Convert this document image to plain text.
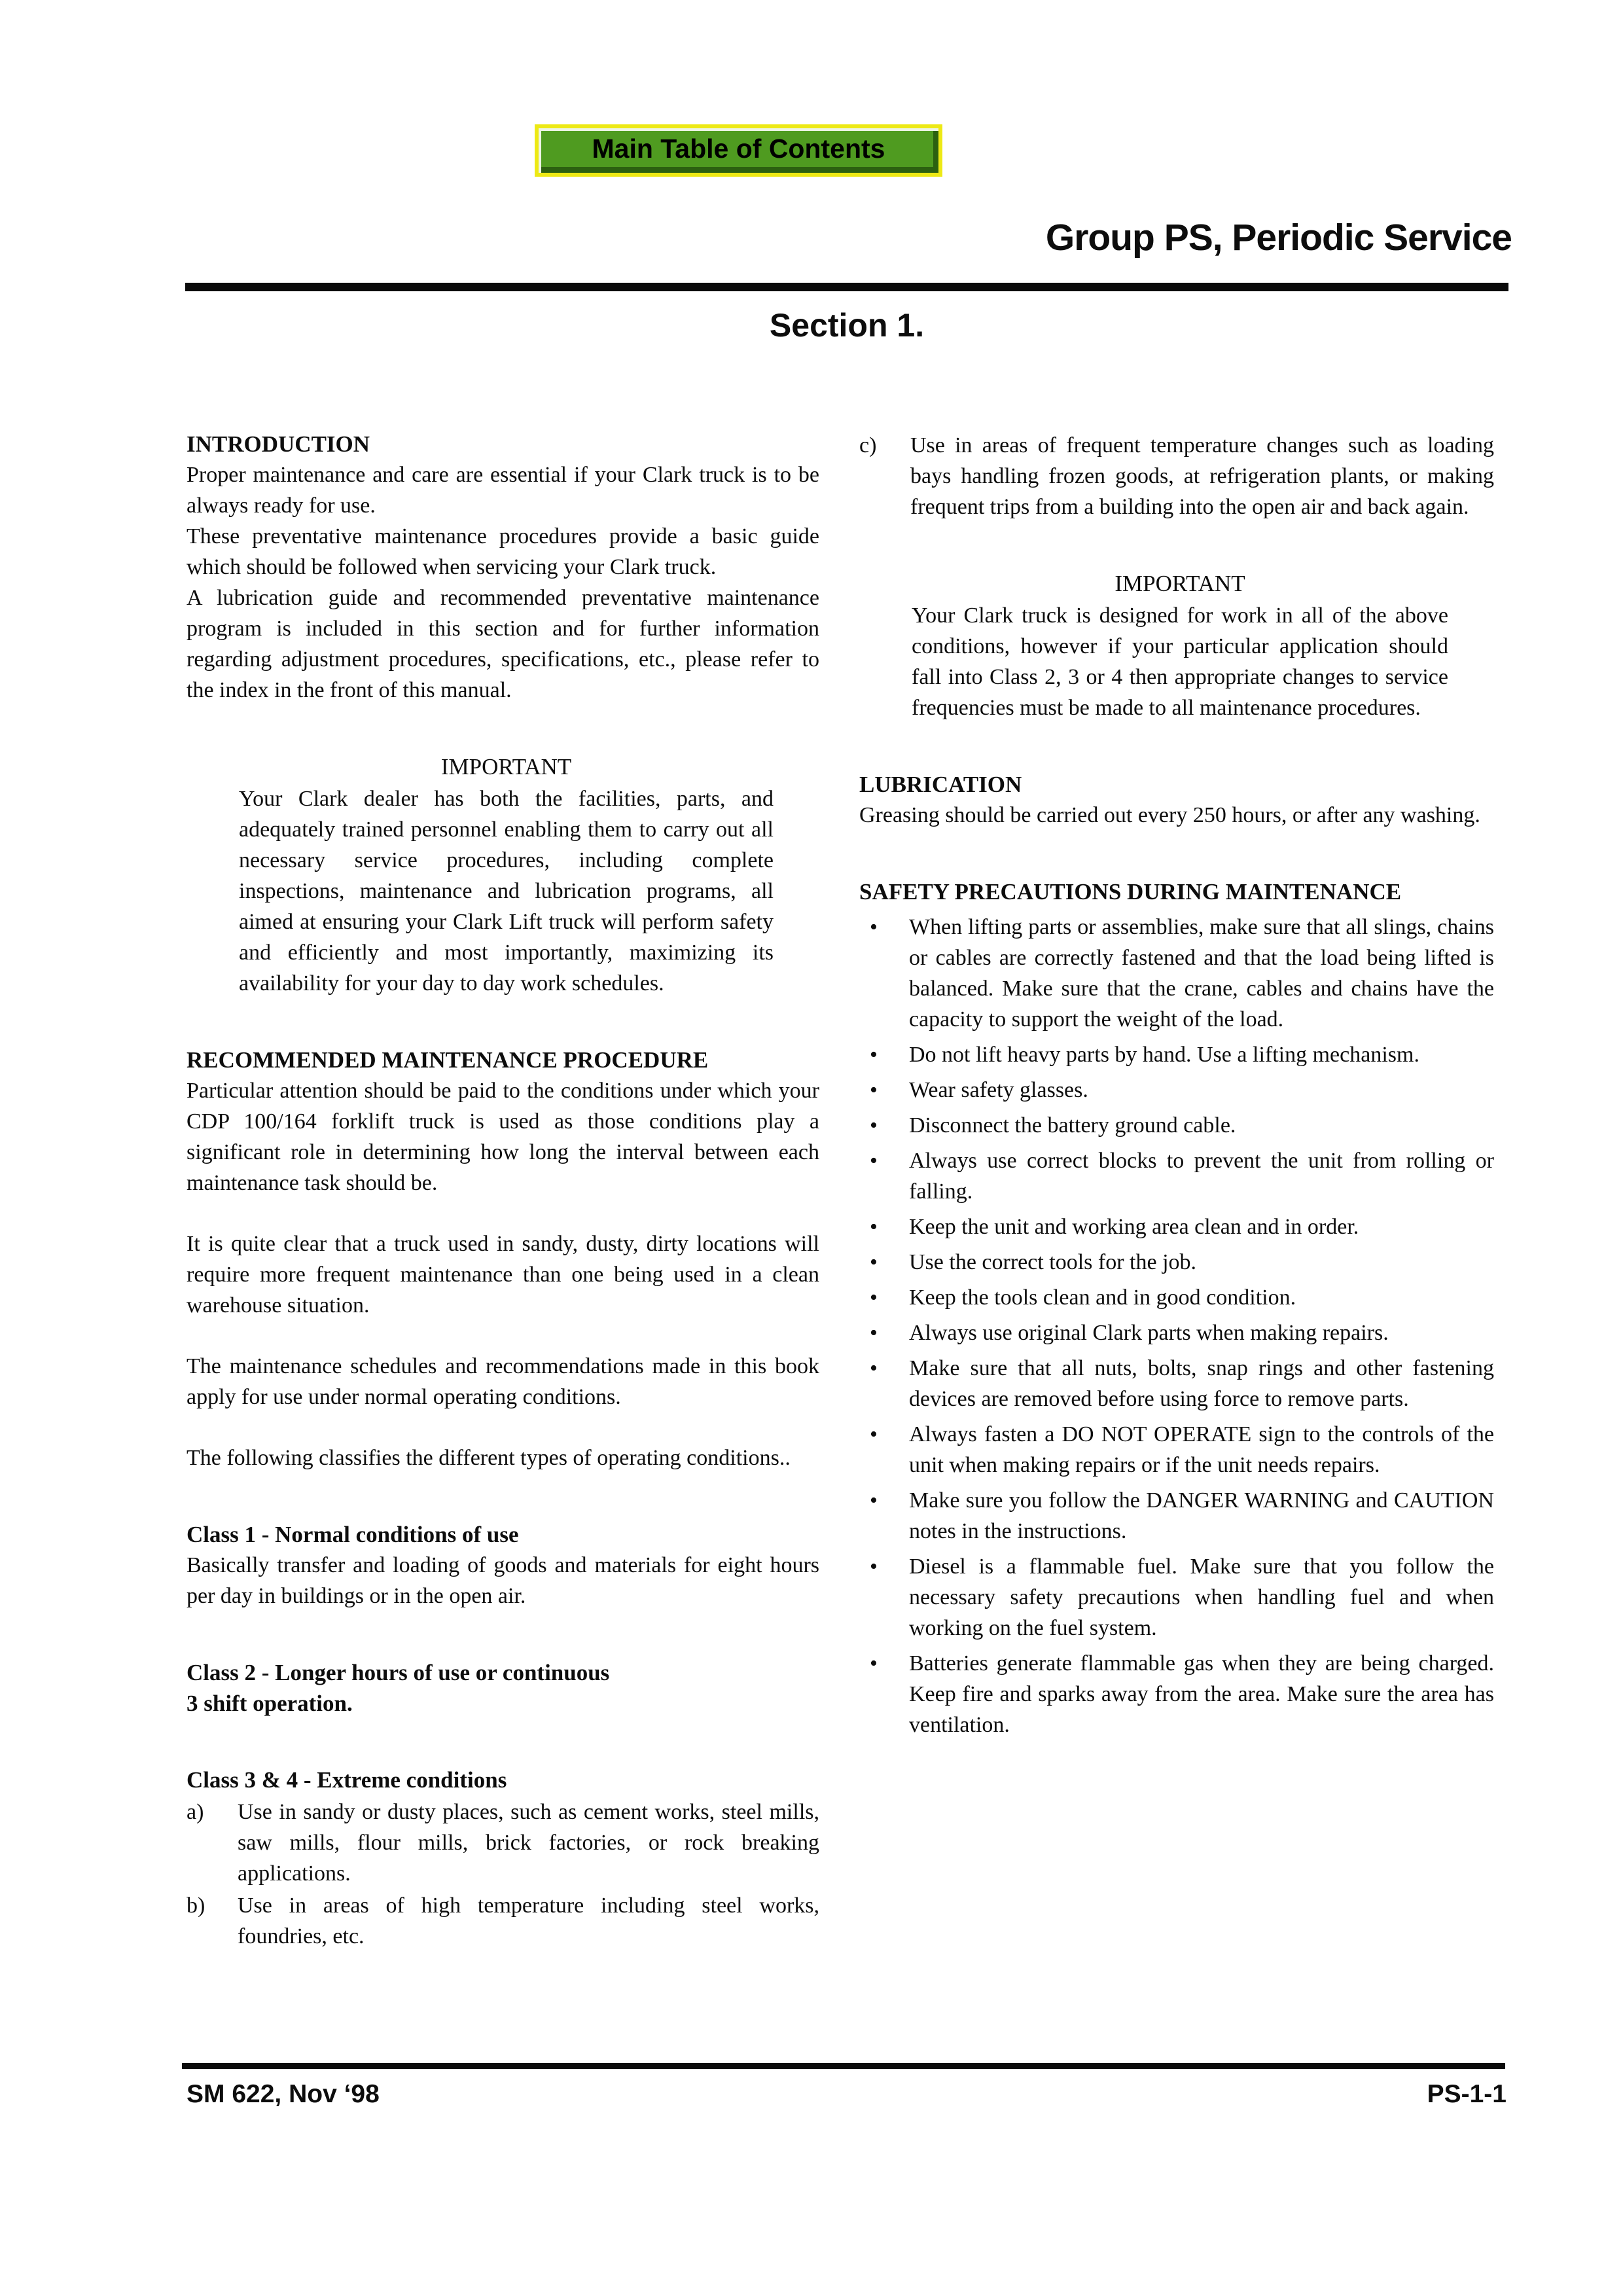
Main Table of Contents
Group PS, Periodic Service
Section 1.
INTRODUCTION

Proper maintenance and care are essential if your Clark truck is to be always ready for use.

These preventative maintenance procedures provide a basic guide which should be followed when servicing your Clark truck.

A lubrication guide and recommended preventative maintenance program is included in this section and for further information regarding adjustment procedures, specifications, etc., please refer to the index in the front of this manual.

IMPORTANT

Your Clark dealer has both the facilities, parts, and adequately trained personnel enabling them to carry out all necessary service procedures, including complete inspections, maintenance and lubrication programs, all aimed at ensuring your Clark Lift truck will perform safety and efficiently and most importantly, maximizing its availability for your day to day work schedules.

RECOMMENDED MAINTENANCE PROCEDURE

Particular attention should be paid to the conditions under which your CDP 100/164 forklift truck is used as those conditions play a significant role in determining how long the interval between each maintenance task should be.

It is quite clear that a truck used in sandy, dusty, dirty locations will require more frequent maintenance than one being used in a clean warehouse situation.

The maintenance schedules and recommendations made in this book apply for use under normal operating conditions.

The following classifies the different types of operating conditions..

Class 1 - Normal conditions of use

Basically transfer and loading of goods and materials for eight hours per day in buildings or in the open air.

Class 2 - Longer hours of use or continuous
3 shift operation.
Class 3 & 4 - Extreme conditions
a)	Use in sandy or dusty places, such as cement works, steel mills, saw mills, flour mills, brick factories, or rock breaking applications.

b)	Use in areas of high temperature including steel works, foundries, etc.

c)	Use in areas of frequent temperature changes such as loading bays handling frozen goods, at refrigeration plants, or making frequent trips from a building into the open air and back again.

IMPORTANT

Your Clark truck is designed for work in all of the above conditions, however if your particular application should fall into Class 2, 3 or 4 then appropriate changes to service frequencies must be made to all maintenance procedures.

LUBRICATION

Greasing should be carried out every 250 hours, or after any washing.

SAFETY PRECAUTIONS DURING MAINTENANCE
•	When lifting parts or assemblies, make sure that all slings, chains or cables are correctly fastened and that the load being lifted is balanced. Make sure that the crane, cables and chains have the capacity to support the weight of the load.

•	Do not lift heavy parts by hand. Use a lifting mechanism.

•	Wear safety glasses.

•	Disconnect the battery ground cable.

•	Always use correct blocks to prevent the unit from rolling or falling.

•	Keep the unit and working area clean and in order.

•	Use the correct tools for the job.

•	Keep the tools clean and in good condition.

•	Always use original Clark parts when making repairs.

•	Make sure that all nuts, bolts, snap rings and other fastening devices are removed before using force to remove parts.

•	Always fasten a DO NOT OPERATE sign to the controls of the unit when making repairs or if the unit needs repairs.

•	Make sure you follow the DANGER WARNING and CAUTION notes in the instructions.

•	Diesel is a flammable fuel. Make sure that you follow the necessary safety precautions when handling fuel and when working on the fuel system.

•	Batteries generate flammable gas when they are being charged. Keep fire and sparks away from the area. Make sure the area has ventilation.

SM 622, Nov ‘98	PS-1-1
